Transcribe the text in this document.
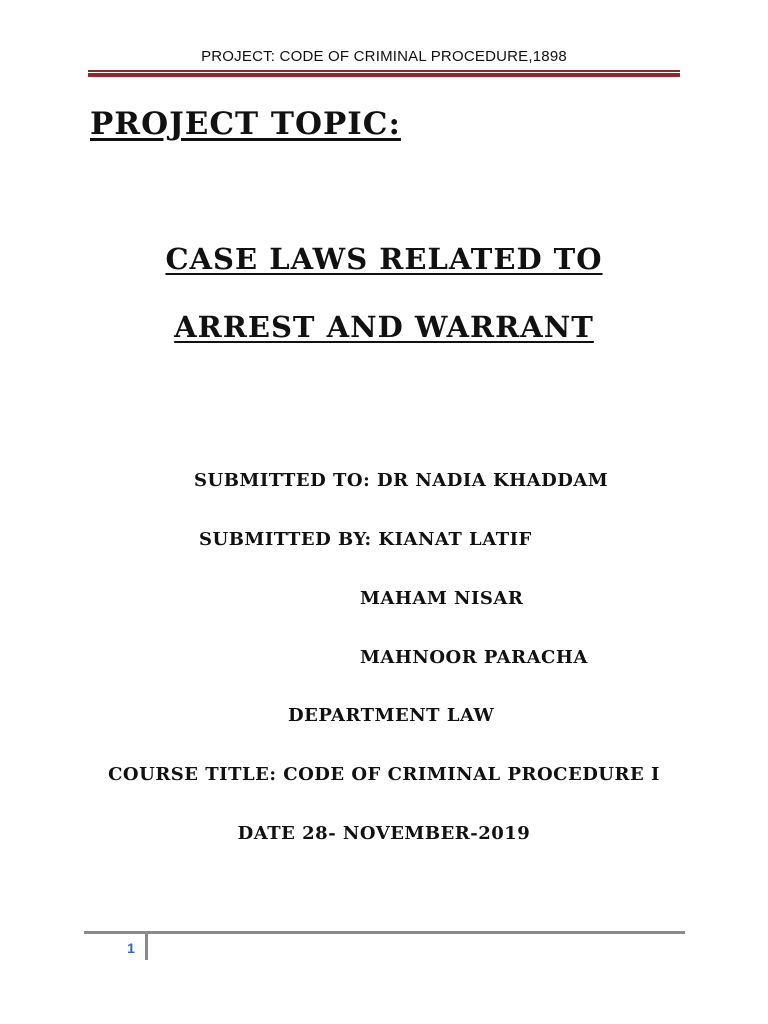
PROJECT: CODE OF CRIMINAL PROCEDURE,1898
PROJECT TOPIC:
CASE LAWS RELATED TO
ARREST AND WARRANT
SUBMITTED TO: DR NADIA KHADDAM
SUBMITTED BY: KIANAT LATIF
MAHAM NISAR
MAHNOOR PARACHA
DEPARTMENT LAW
COURSE TITLE: CODE OF CRIMINAL PROCEDURE I
DATE 28- NOVEMBER-2019
1
